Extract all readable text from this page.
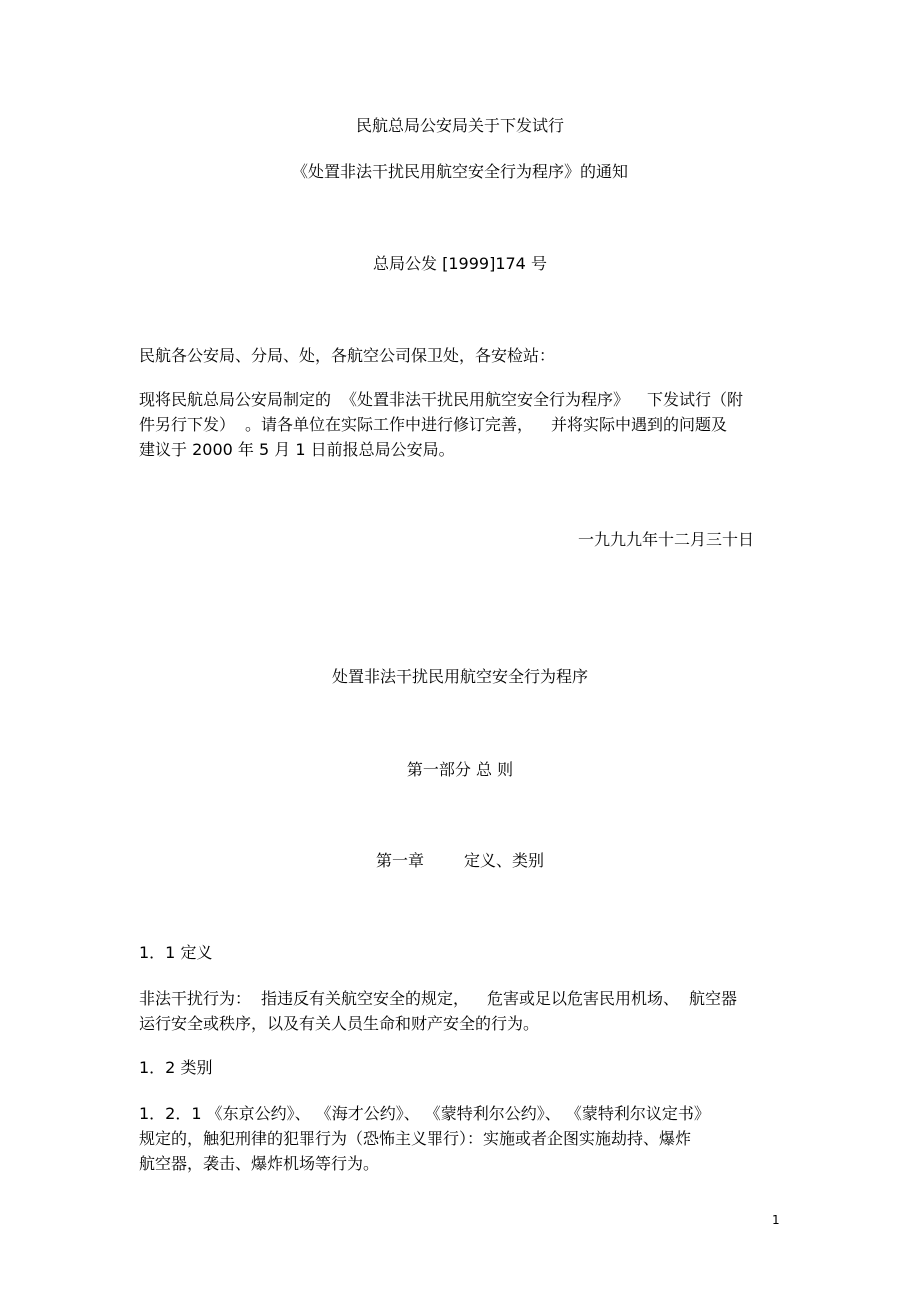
民航总局公安局关于下发试行
《处置非法干扰民用航空安全行为程序》的通知
总局公发 [1999]174 号
民航各公安局、分局、处，各航空公司保卫处，各安检站：
现将民航总局公安局制定的 《处置非法干扰民用航空安全行为程序》 下发试行（附
件另行下发） 。请各单位在实际工作中进行修订完善， 并将实际中遇到的问题及
建议于 2000 年 5 月 1 日前报总局公安局。
一九九九年十二月三十日
处置非法干扰民用航空安全行为程序
第一部分 总 则
第一章	定义、类别
1．1 定义
非法干扰行为： 指违反有关航空安全的规定， 危害或足以危害民用机场、 航空器
运行安全或秩序，以及有关人员生命和财产安全的行为。
1．2 类别
1．2．1 《东京公约》、 《海才公约》、 《蒙特利尔公约》、 《蒙特利尔议定书》
规定的，触犯刑律的犯罪行为（恐怖主义罪行）：实施或者企图实施劫持、爆炸
航空器，袭击、爆炸机场等行为。
1
